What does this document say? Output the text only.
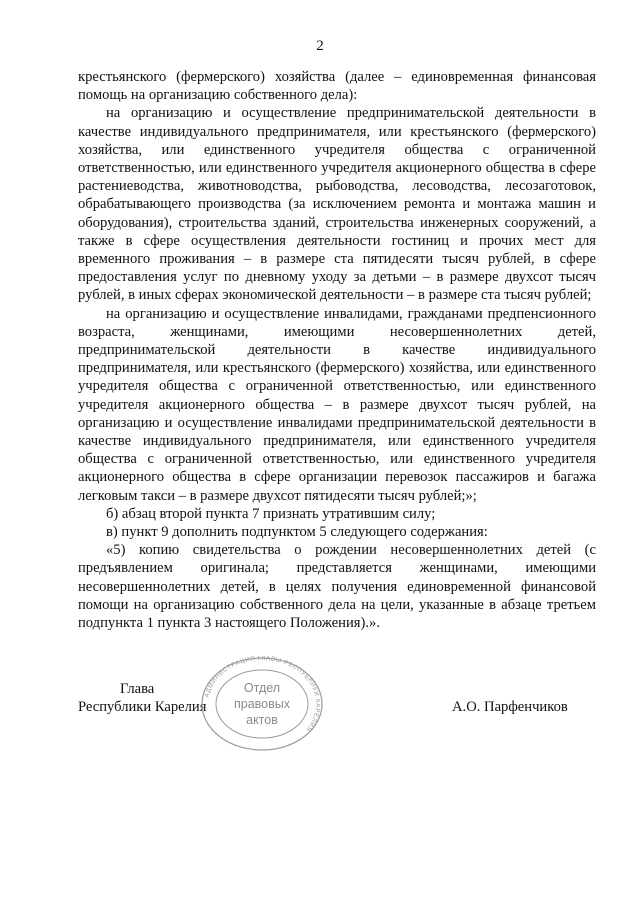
2

крестьянского (фермерского) хозяйства (далее – единовременная финансовая помощь на организацию собственного дела):

на организацию и осуществление предпринимательской деятельности в качестве индивидуального предпринимателя, или крестьянского (фермерского) хозяйства, или единственного учредителя общества с ограниченной ответственностью, или единственного учредителя акционерного общества в сфере растениеводства, животноводства, рыбоводства, лесоводства, лесозаготовок, обрабатывающего производства (за исключением ремонта и монтажа машин и оборудования), строительства зданий, строительства инженерных сооружений, а также в сфере осуществления деятельности гостиниц и прочих мест для временного проживания – в размере ста пятидесяти тысяч рублей, в сфере предоставления услуг по дневному уходу за детьми – в размере двухсот тысяч рублей, в иных сферах экономической деятельности – в размере ста тысяч рублей;

на организацию и осуществление инвалидами, гражданами предпенсионного возраста, женщинами, имеющими несовершеннолетних детей, предпринимательской деятельности в качестве индивидуального предпринимателя, или крестьянского (фермерского) хозяйства, или единственного учредителя общества с ограниченной ответственностью, или единственного учредителя акционерного общества – в размере двухсот тысяч рублей, на организацию и осуществление инвалидами предпринимательской деятельности в качестве индивидуального предпринимателя, или единственного учредителя общества с ограниченной ответственностью, или единственного учредителя акционерного общества в сфере организации перевозок пассажиров и багажа легковым такси – в размере двухсот пятидесяти тысяч рублей;»;

б) абзац второй пункта 7 признать утратившим силу;

в) пункт 9 дополнить подпунктом 5 следующего содержания:

«5) копию свидетельства о рождении несовершеннолетних детей (с предъявлением оригинала; представляется женщинами, имеющими несовершеннолетних детей, в целях получения единовременной финансовой помощи на организацию собственного дела на цели, указанные в абзаце третьем подпункта 1 пункта 3 настоящего Положения).».

Глава
Республики Карелия	А.О. Парфенчиков
АДМИНИСТРАЦИЯ ГЛАВЫ РЕСПУБЛИКИ КАРЕЛИЯ
Отдел
правовых
актов
